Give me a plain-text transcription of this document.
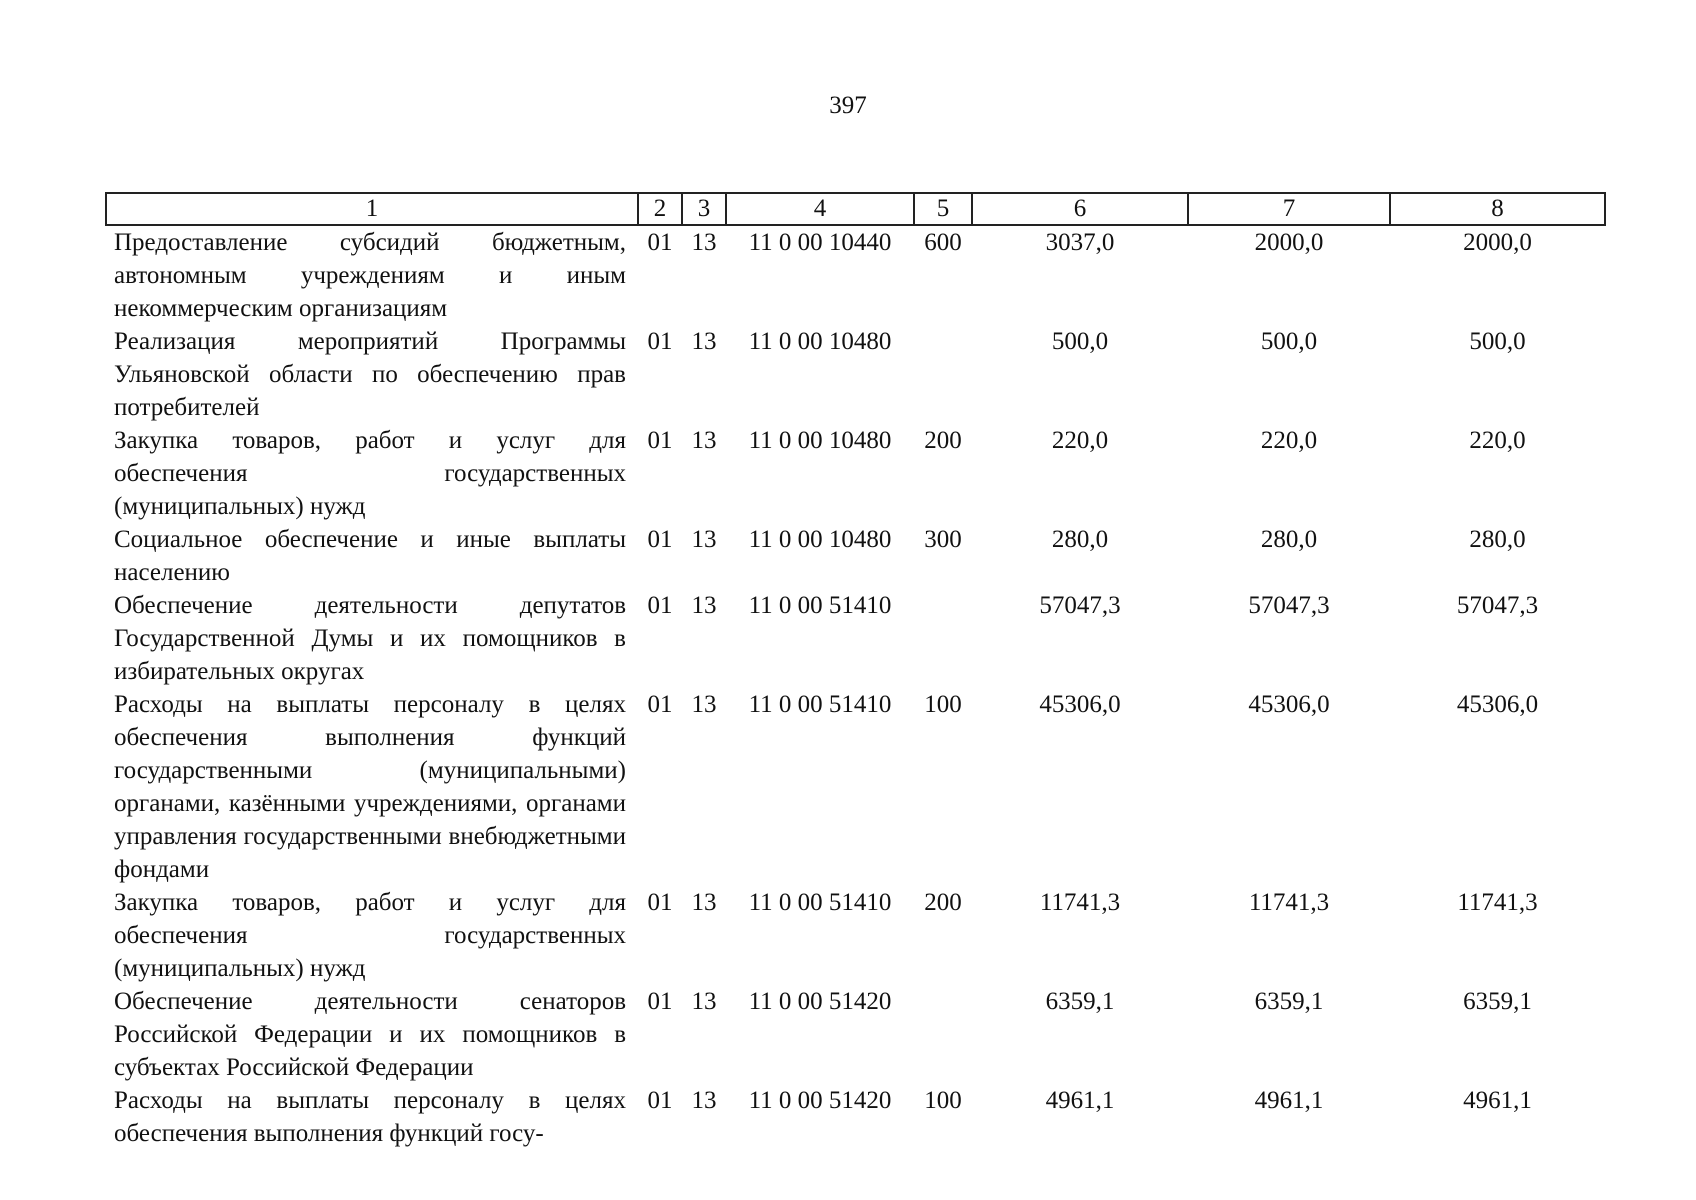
397
1	2	3	4	5	6	7	8
Предоставление субсидий бюджетным, автономным учреждениям и иным некоммерческим организациям	01	13	11 0 00 10440	600	3037,0	2000,0	2000,0
Реализация мероприятий Программы Ульяновской области по обеспечению прав потребителей	01	13	11 0 00 10480		500,0	500,0	500,0
Закупка товаров, работ и услуг для обеспечения государственных (муниципальных) нужд	01	13	11 0 00 10480	200	220,0	220,0	220,0
Социальное обеспечение и иные выплаты населению	01	13	11 0 00 10480	300	280,0	280,0	280,0
Обеспечение деятельности депутатов Государственной Думы и их помощников в избирательных округах	01	13	11 0 00 51410		57047,3	57047,3	57047,3
Расходы на выплаты персоналу в целях обеспечения выполнения функций государственными (муниципальными) органами, казёнными учреждениями, органами управления государственными внебюджетными фондами	01	13	11 0 00 51410	100	45306,0	45306,0	45306,0
Закупка товаров, работ и услуг для обеспечения государственных (муниципальных) нужд	01	13	11 0 00 51410	200	11741,3	11741,3	11741,3
Обеспечение деятельности сенаторов Российской Федерации и их помощников в субъектах Российской Федерации	01	13	11 0 00 51420		6359,1	6359,1	6359,1
Расходы на выплаты персоналу в целях обеспечения выполнения функций госу-	01	13	11 0 00 51420	100	4961,1	4961,1	4961,1
